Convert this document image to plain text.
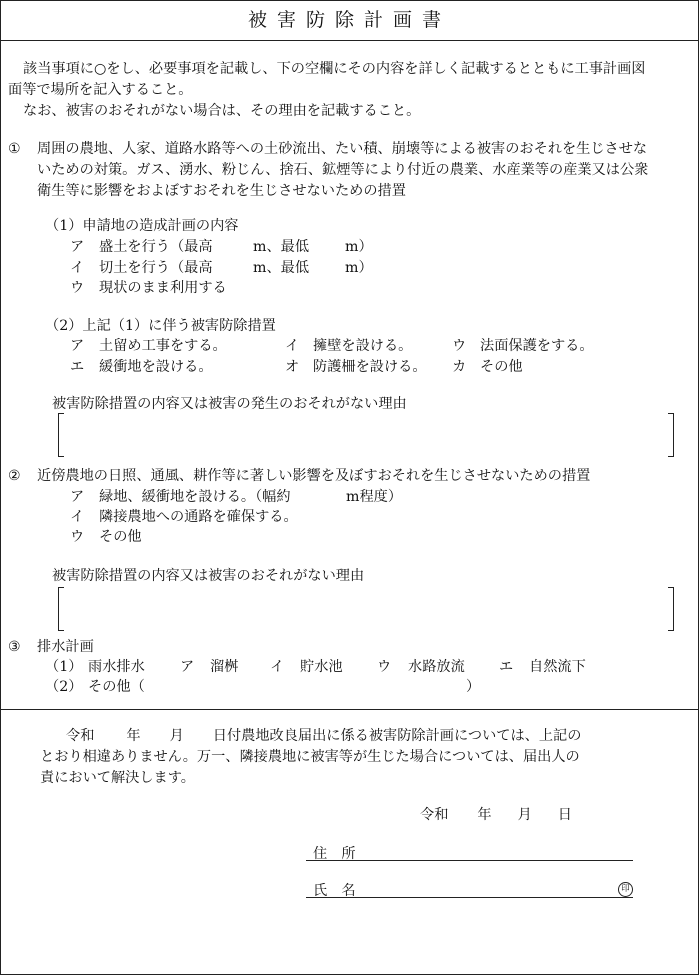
被害防除計画書
該当事項に○をし、必要事項を記載し、下の空欄にその内容を詳しく記載するとともに工事計画図
面等で場所を記入すること。
なお、被害のおそれがない場合は、その理由を記載すること。
① 周囲の農地、人家、道路水路等への土砂流出、たい積、崩壊等による被害のおそれを生じさせな
いための対策。ガス、湧水、粉じん、捨石、鉱煙等により付近の農業、水産業等の産業又は公衆
衛生等に影響をおよぼすおそれを生じさせないための措置
（1）申請地の造成計画の内容
ア 盛土を行う（最高	m、最低	m）
イ 切土を行う（最高	m、最低	m）
ウ 現状のまま利用する
（2）上記（1）に伴う被害防除措置
ア 土留め工事をする。	イ 擁壁を設ける。	ウ 法面保護をする。
エ 緩衝地を設ける。	オ 防護柵を設ける。 カ その他
被害防除措置の内容又は被害の発生のおそれがない理由
② 近傍農地の日照、通風、耕作等に著しい影響を及ぼすおそれを生じさせないための措置
ア 緑地、緩衝地を設ける。（幅約	m程度）
イ 隣接農地への通路を確保する。
ウ その他
被害防除措置の内容又は被害のおそれがない理由
③ 排水計画
（1） 雨水排水 ア 溜桝 イ 貯水池 ウ 水路放流 エ 自然流下
（2） その他（	）
令和 年 月 日付農地改良届出に係る被害防除計画については、上記の
とおり相違ありません。万一、隣接農地に被害等が生じた場合については、届出人の
責において解決します。
令和 年 月 日
住　所
氏　名	印
